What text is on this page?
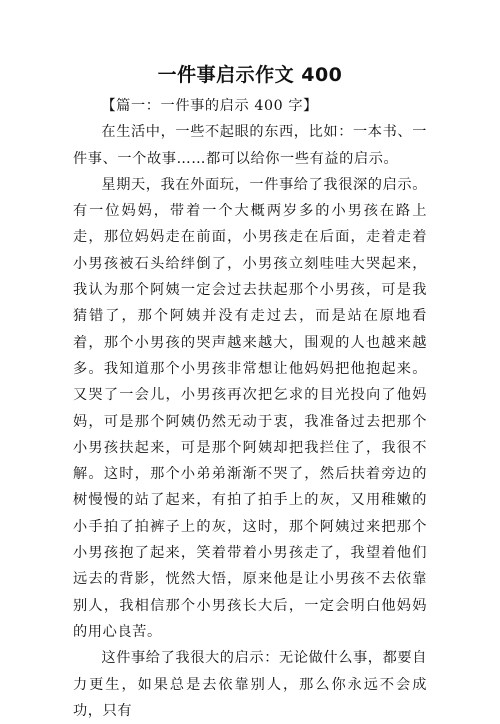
一件事启示作文 400
【篇一：一件事的启示 400 字】

在生活中，一些不起眼的东西，比如：一本书、一件事、一个故事……都可以给你一些有益的启示。

星期天，我在外面玩，一件事给了我很深的启示。有一位妈妈，带着一个大概两岁多的小男孩在路上走，那位妈妈走在前面，小男孩走在后面，走着走着小男孩被石头给绊倒了，小男孩立刻哇哇大哭起来，我认为那个阿姨一定会过去扶起那个小男孩，可是我猜错了，那个阿姨并没有走过去，而是站在原地看着，那个小男孩的哭声越来越大，围观的人也越来越多。我知道那个小男孩非常想让他妈妈把他抱起来。又哭了一会儿，小男孩再次把乞求的目光投向了他妈妈，可是那个阿姨仍然无动于衷，我准备过去把那个小男孩扶起来，可是那个阿姨却把我拦住了，我很不解。这时，那个小弟弟渐渐不哭了，然后扶着旁边的树慢慢的站了起来，有拍了拍手上的灰，又用稚嫩的小手拍了拍裤子上的灰，这时，那个阿姨过来把那个小男孩抱了起来，笑着带着小男孩走了，我望着他们远去的背影，恍然大悟，原来他是让小男孩不去依靠别人，我相信那个小男孩长大后，一定会明白他妈妈的用心良苦。

这件事给了我很大的启示：无论做什么事，都要自力更生，如果总是去依靠别人，那么你永远不会成功，只有
